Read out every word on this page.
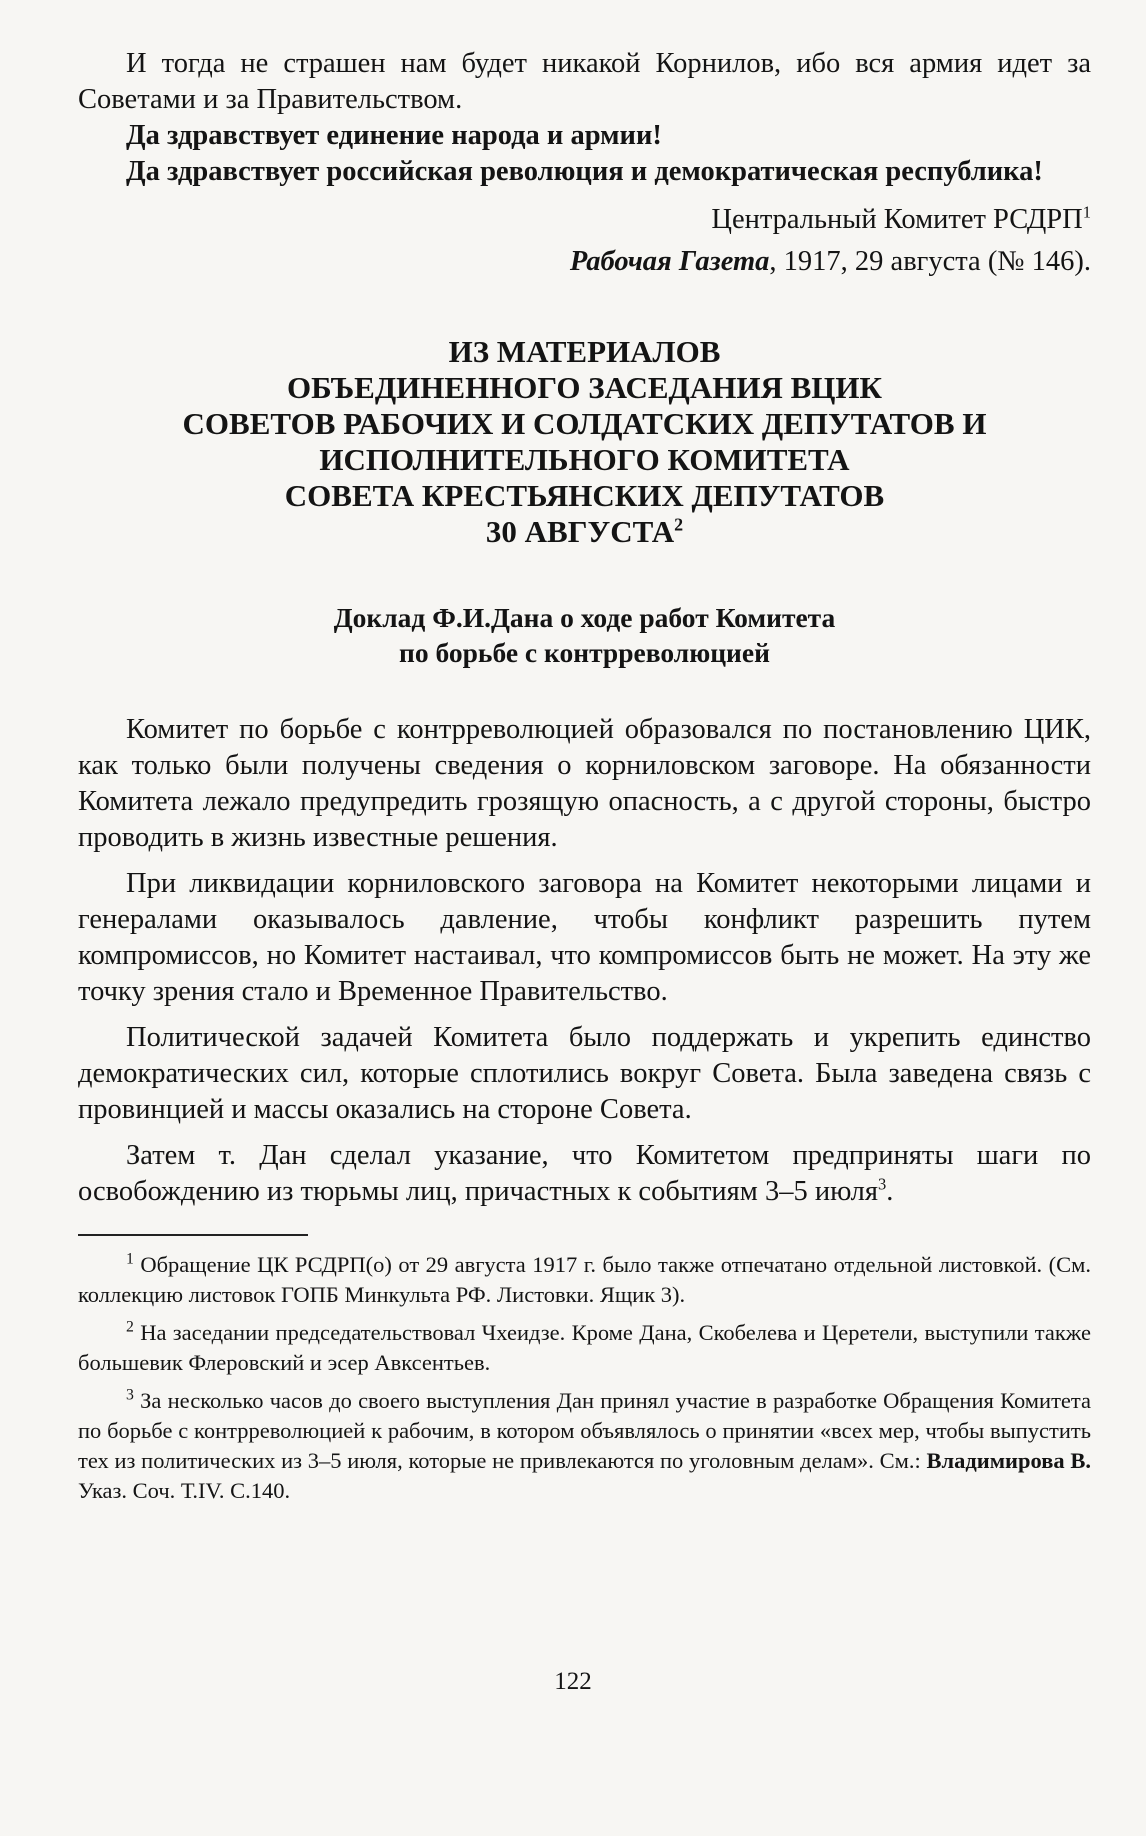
И тогда не страшен нам будет никакой Корнилов, ибо вся армия идет за Советами и за Правительством.

Да здравствует единение народа и армии!

Да здравствует российская революция и демократическая республика!

Центральный Комитет РСДРП$^1$

Рабочая Газета, 1917, 29 августа (№ 146).

ИЗ МАТЕРИАЛОВ
ОБЪЕДИНЕННОГО ЗАСЕДАНИЯ ВЦИК
СОВЕТОВ РАБОЧИХ И СОЛДАТСКИХ ДЕПУТАТОВ И
ИСПОЛНИТЕЛЬНОГО КОМИТЕТА
СОВЕТА КРЕСТЬЯНСКИХ ДЕПУТАТОВ
30 АВГУСТА$^2$
Доклад Ф.И.Дана о ходе работ Комитета
по борьбе с контрреволюцией

Комитет по борьбе с контрреволюцией образовался по постановлению ЦИК, как только были получены сведения о корниловском заговоре. На обязанности Комитета лежало предупредить грозящую опасность, а с другой стороны, быстро проводить в жизнь известные решения.

При ликвидации корниловского заговора на Комитет некоторыми лицами и генералами оказывалось давление, чтобы конфликт разрешить путем компромиссов, но Комитет настаивал, что компромиссов быть не может. На эту же точку зрения стало и Временное Правительство.

Политической задачей Комитета было поддержать и укрепить единство демократических сил, которые сплотились вокруг Совета. Была заведена связь с провинцией и массы оказались на стороне Совета.

Затем т. Дан сделал указание, что Комитетом предприняты шаги по освобождению из тюрьмы лиц, причастных к событиям 3–5 июля$^3$.

$^1$ Обращение ЦК РСДРП(о) от 29 августа 1917 г. было также отпечатано отдельной листовкой. (См. коллекцию листовок ГОПБ Минкульта РФ. Листовки. Ящик 3).

$^2$ На заседании председательствовал Чхеидзе. Кроме Дана, Скобелева и Церетели, выступили также большевик Флеровский и эсер Авксентьев.

$^3$ За несколько часов до своего выступления Дан принял участие в разработке Обращения Комитета по борьбе с контрреволюцией к рабочим, в котором объявлялось о принятии «всех мер, чтобы выпустить тех из политических из 3–5 июля, которые не привлекаются по уголовным делам». См.: Владимирова В. Указ. Соч. Т.IV. С.140.

122
